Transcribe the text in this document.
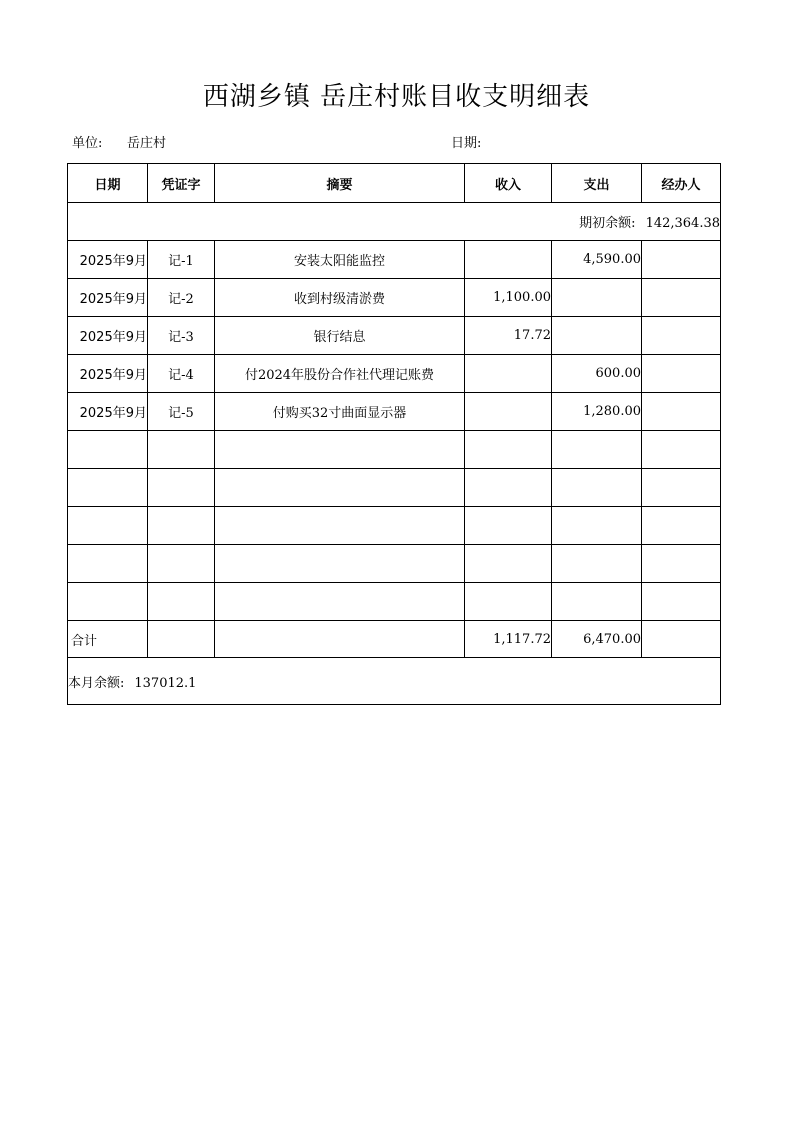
西湖乡镇 岳庄村账目收支明细表
单位: 岳庄村	日期:
日期	凭证字	摘要	收入	支出	经办人
期初余额: 142,364.38					
2025年9月	记-1	安装太阳能监控		4,590.00	
2025年9月	记-2	收到村级清淤费	1,100.00		
2025年9月	记-3	银行结息	17.72		
2025年9月	记-4	付2024年股份合作社代理记账费		600.00	
2025年9月	记-5	付购买32寸曲面显示器		1,280.00	

合计			1,117.72	6,470.00	
本月余额: 137012.1					
